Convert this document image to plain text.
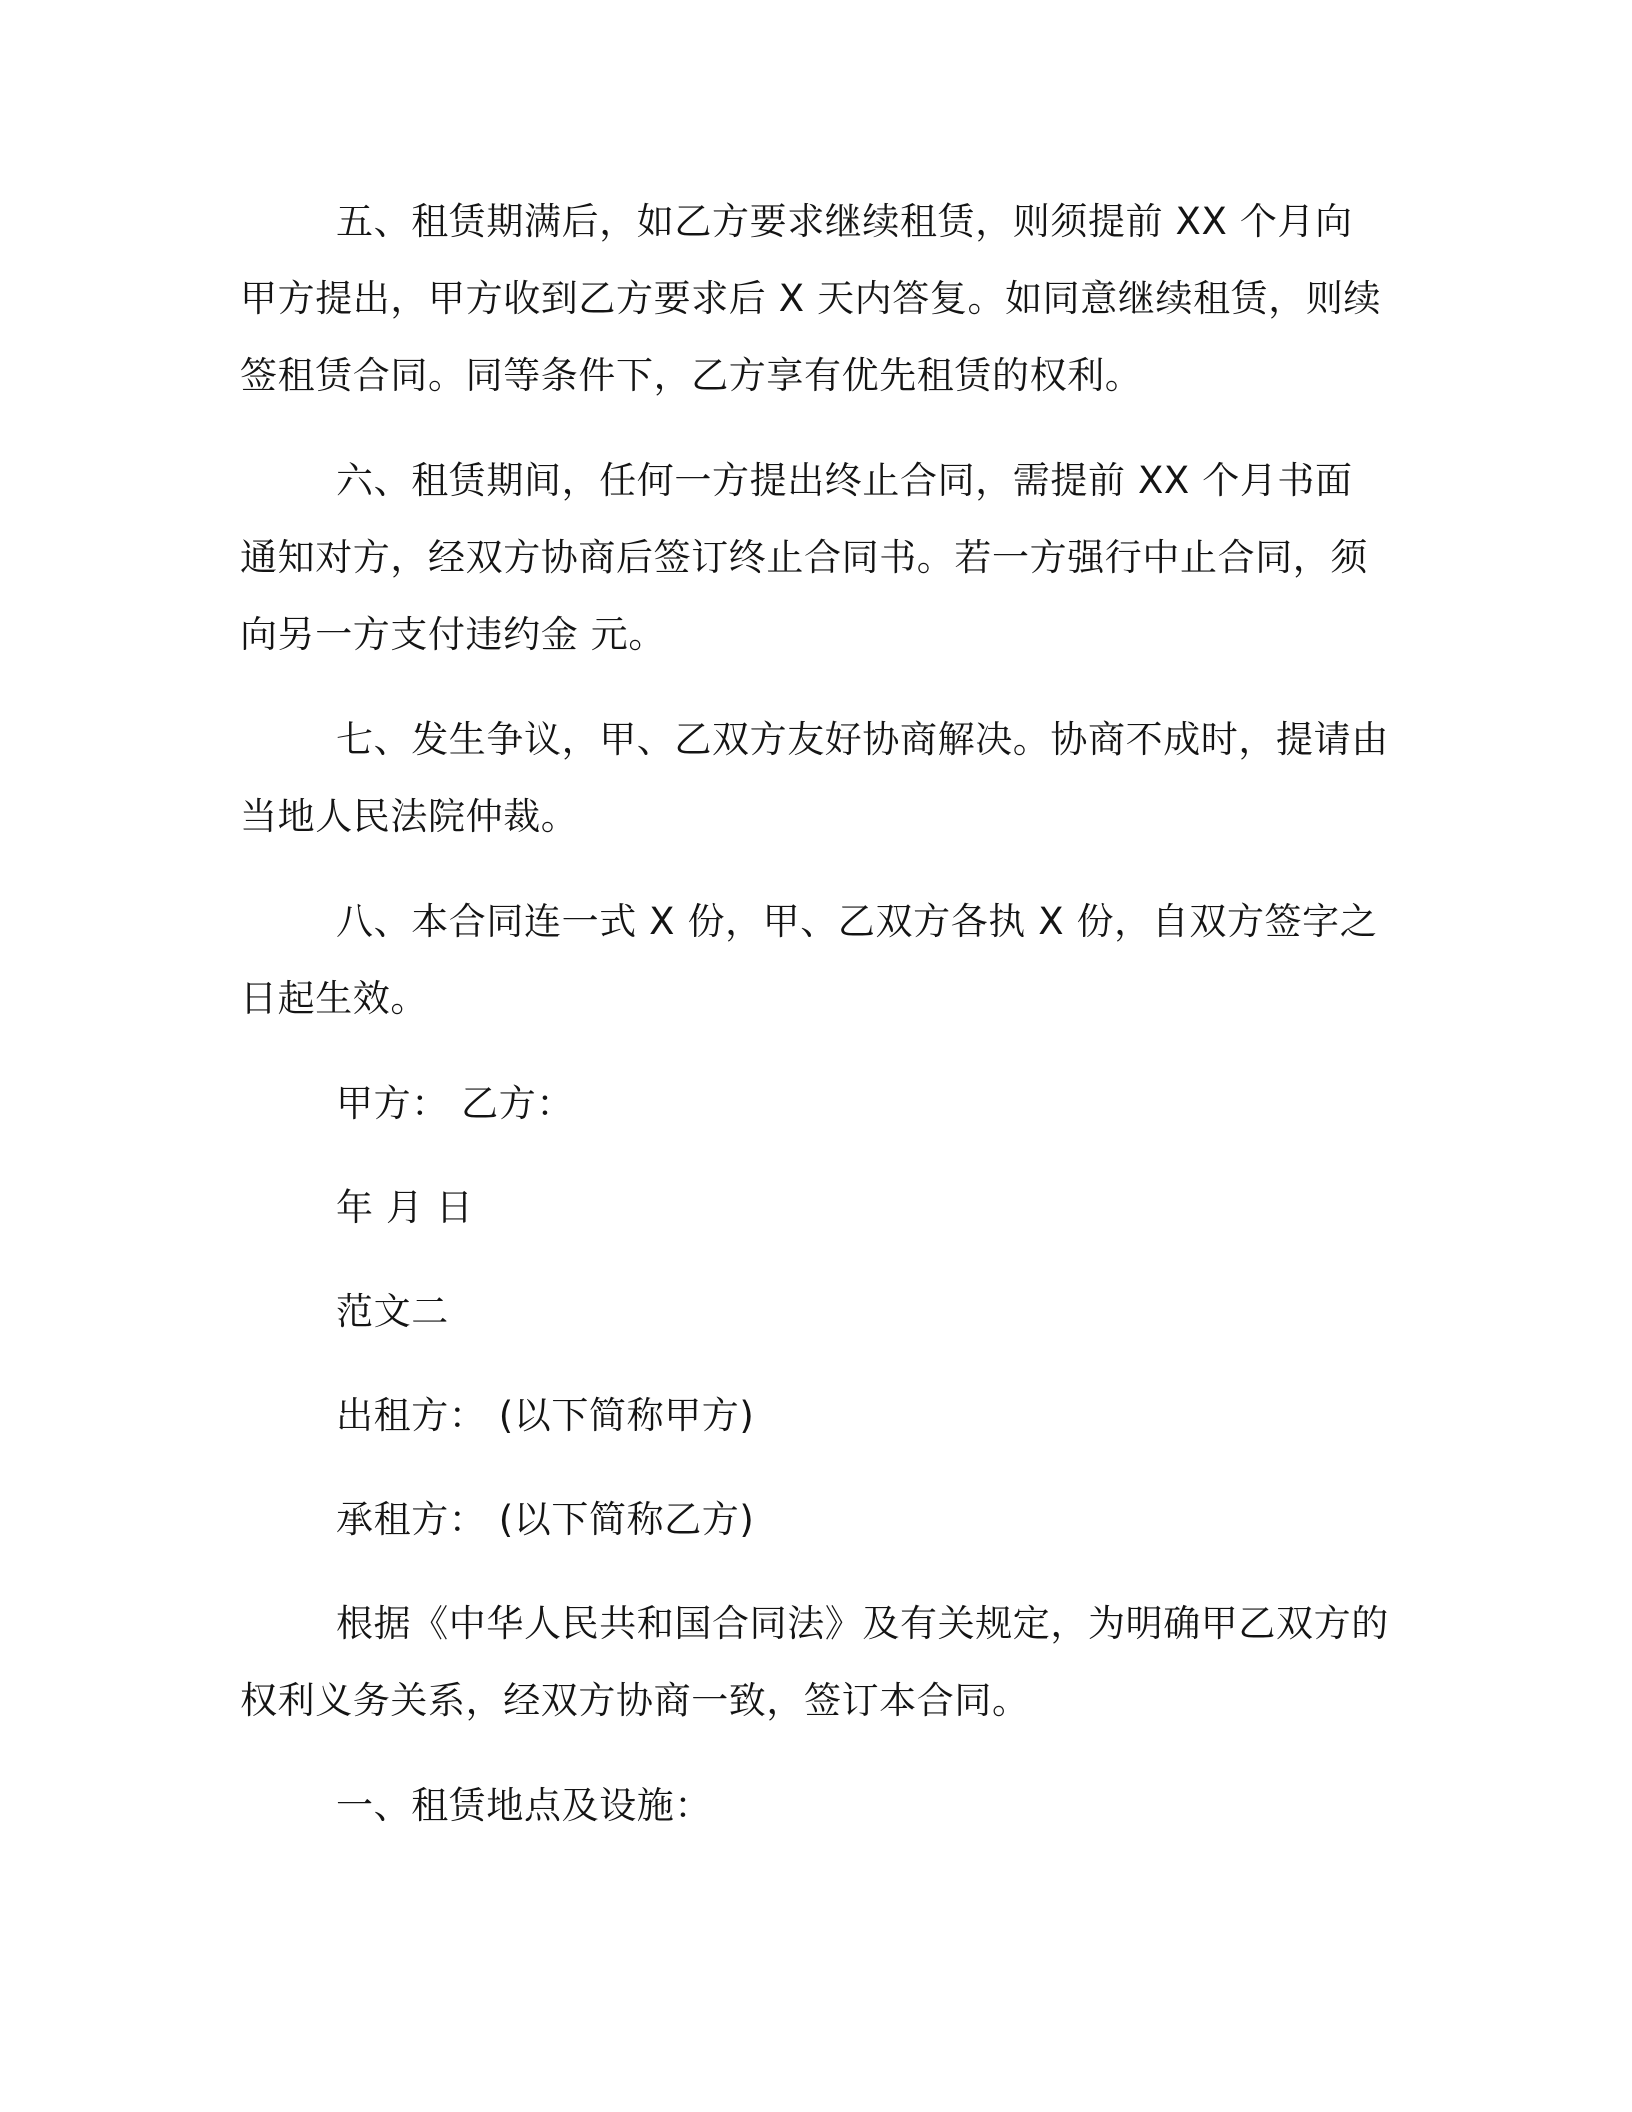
五、租赁期满后，如乙方要求继续租赁，则须提前 XX 个月向甲方提出，甲方收到乙方要求后 X 天内答复。如同意继续租赁，则续签租赁合同。同等条件下，乙方享有优先租赁的权利。

六、租赁期间，任何一方提出终止合同，需提前 XX 个月书面通知对方，经双方协商后签订终止合同书。若一方强行中止合同，须向另一方支付违约金 元。

七、发生争议，甲、乙双方友好协商解决。协商不成时，提请由当地人民法院仲裁。

八、本合同连一式 X 份，甲、乙双方各执 X 份，自双方签字之日起生效。

甲方： 乙方：

年 月 日

范文二

出租方： (以下简称甲方)

承租方： (以下简称乙方)

根据《中华人民共和国合同法》及有关规定，为明确甲乙双方的权利义务关系，经双方协商一致，签订本合同。

一、租赁地点及设施：
